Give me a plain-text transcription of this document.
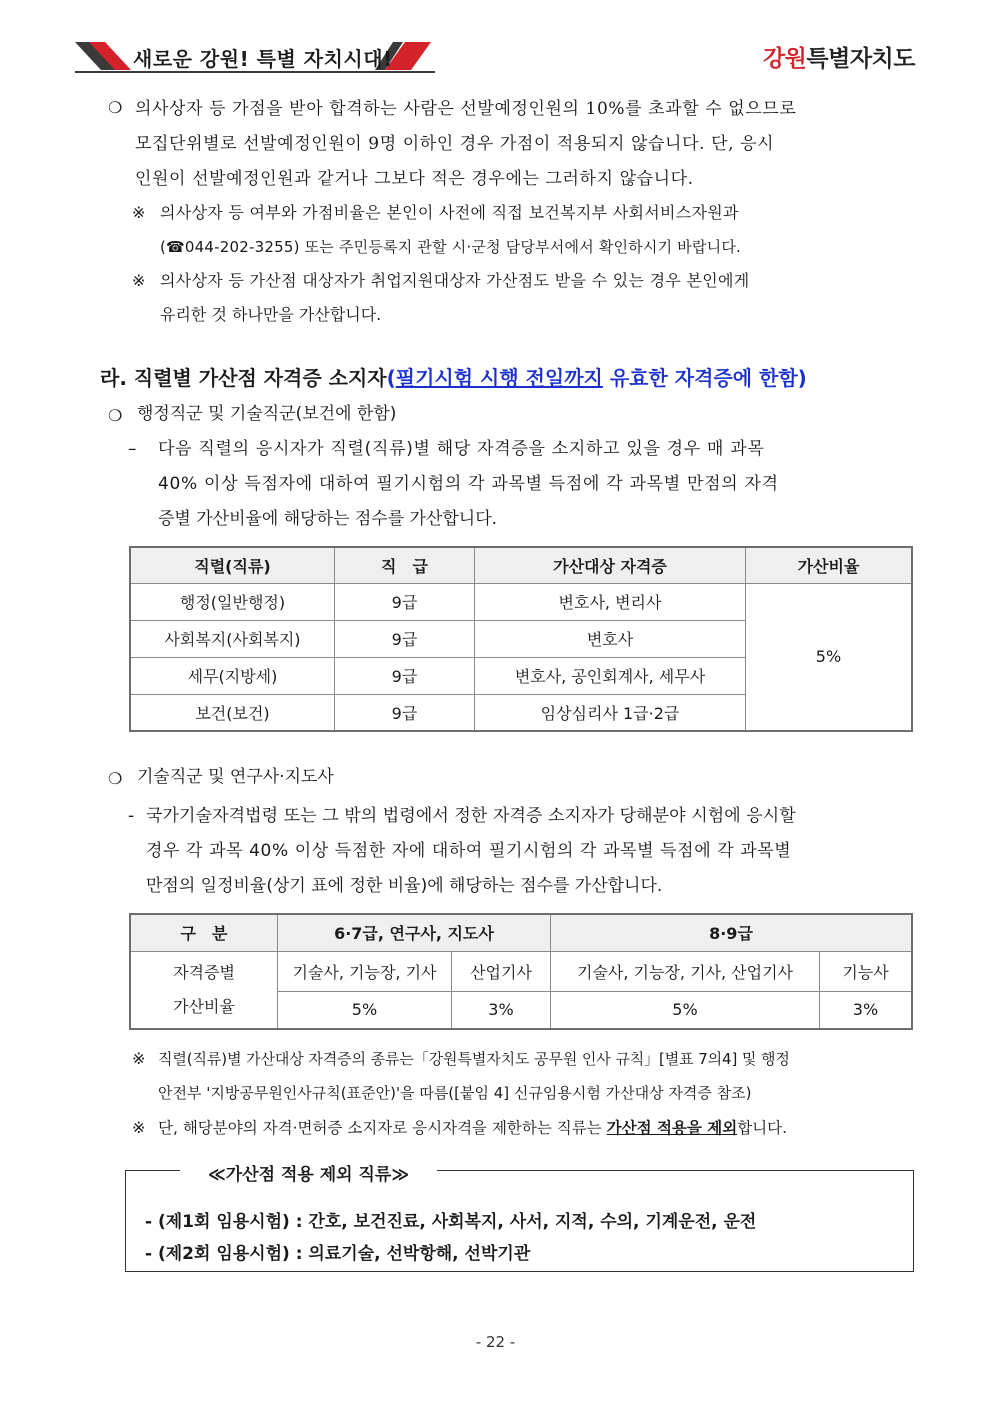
새로운 강원! 특별 자치시대!	강원특별자치도
❍ 의사상자 등 가점을 받아 합격하는 사람은 선발예정인원의 10%를 초과할 수 없으므로
모집단위별로 선발예정인원이 9명 이하인 경우 가점이 적용되지 않습니다. 단, 응시
인원이 선발예정인원과 같거나 그보다 적은 경우에는 그러하지 않습니다.
※ 의사상자 등 여부와 가점비율은 본인이 사전에 직접 보건복지부 사회서비스자원과
(☎044-202-3255) 또는 주민등록지 관할 시·군청 담당부서에서 확인하시기 바랍니다.
※ 의사상자 등 가산점 대상자가 취업지원대상자 가산점도 받을 수 있는 경우 본인에게
유리한 것 하나만을 가산합니다.
라. 직렬별 가산점 자격증 소지자(필기시험 시행 전일까지 유효한 자격증에 한함)
❍ 행정직군 및 기술직군(보건에 한함)
– 다음 직렬의 응시자가 직렬(직류)별 해당 자격증을 소지하고 있을 경우 매 과목
40% 이상 득점자에 대하여 필기시험의 각 과목별 득점에 각 과목별 만점의 자격
증별 가산비율에 해당하는 점수를 가산합니다.
직렬(직류)	직　급	가산대상 자격증	가산비율
행정(일반행정)	9급	변호사, 변리사	5%
사회복지(사회복지)	9급	변호사	
세무(지방세)	9급	변호사, 공인회계사, 세무사	
보건(보건)	9급	임상심리사 1급·2급	
❍ 기술직군 및 연구사·지도사
- 국가기술자격법령 또는 그 밖의 법령에서 정한 자격증 소지자가 당해분야 시험에 응시할
경우 각 과목 40% 이상 득점한 자에 대하여 필기시험의 각 과목별 득점에 각 과목별
만점의 일정비율(상기 표에 정한 비율)에 해당하는 점수를 가산합니다.
구　분	6·7급, 연구사, 지도사		8·9급	

자격증별
가산비율	기술사, 기능장, 기사	산업기사	기술사, 기능장, 기사, 산업기사	기능사
	5%	3%	5%	3%
※ 직렬(직류)별 가산대상 자격증의 종류는「강원특별자치도 공무원 인사 규칙」[별표 7의4] 및 행정
안전부 '지방공무원인사규칙(표준안)'을 따름([붙임 4] 신규임용시험 가산대상 자격증 참조)
※ 단, 해당분야의 자격·면허증 소지자로 응시자격을 제한하는 직류는 가산점 적용을 제외합니다.
≪가산점 적용 제외 직류≫
- (제1회 임용시험) : 간호, 보건진료, 사회복지, 사서, 지적, 수의, 기계운전, 운전
- (제2회 임용시험) : 의료기술, 선박항해, 선박기관
- 22 -
